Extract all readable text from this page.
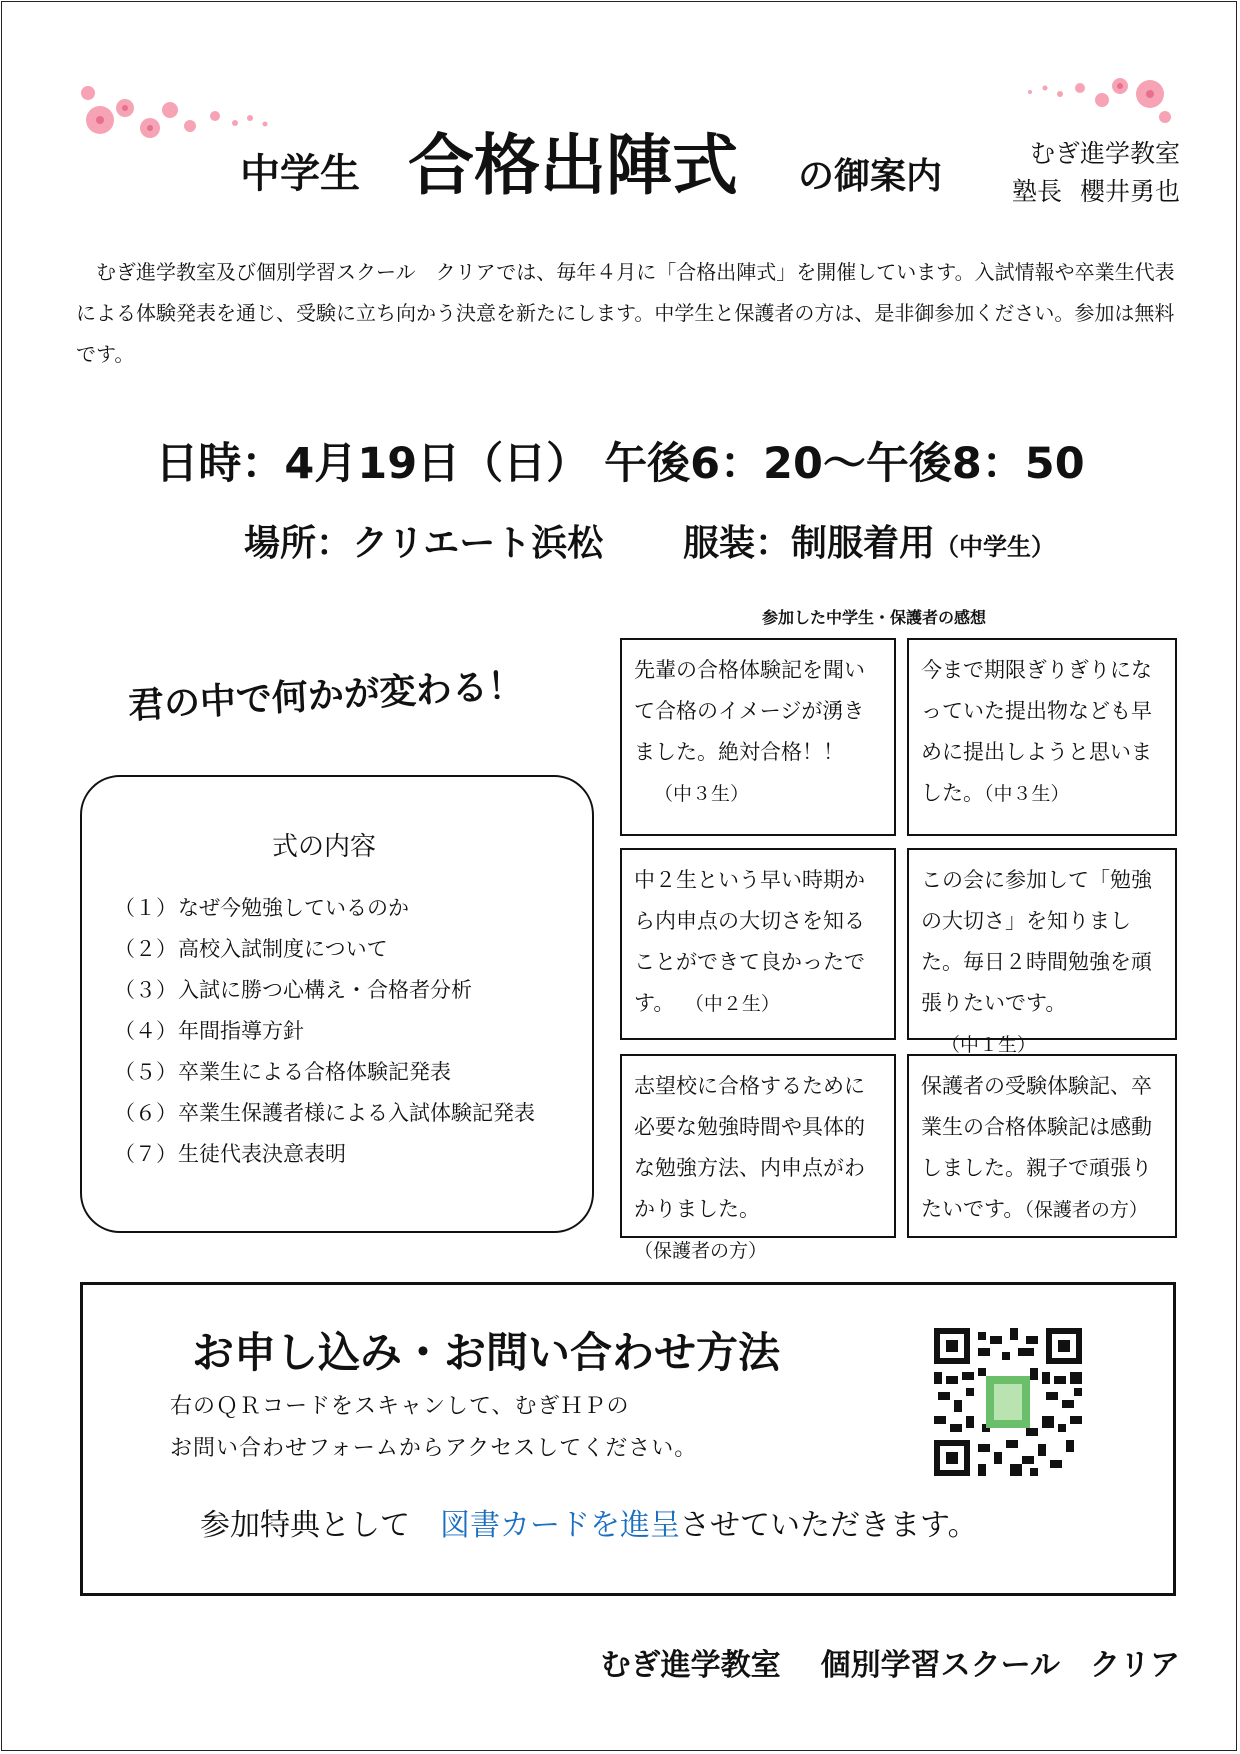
中学生 合格出陣式 の御案内
むぎ進学教室
塾長 櫻井勇也
むぎ進学教室及び個別学習スクール　クリアでは、毎年４月に「合格出陣式」を開催しています。入試情報や卒業生代表による体験発表を通じ、受験に立ち向かう決意を新たにします。中学生と保護者の方は、是非御参加ください。参加は無料です。
日時：4月19日（日） 午後6：20～午後8：50
場所：クリエート浜松 服装：制服着用（中学生）
君の中で何かが変わる！
式の内容
（１）なぜ今勉強しているのか
（２）高校入試制度について
（３）入試に勝つ心構え・合格者分析
（４）年間指導方針
（５）卒業生による合格体験記発表
（６）卒業生保護者様による入試体験記発表
（７）生徒代表決意表明
参加した中学生・保護者の感想
先輩の合格体験記を聞いて合格のイメージが湧きました。絶対合格！！（中３生）
今まで期限ぎりぎりになっていた提出物なども早めに提出しようと思いました。（中３生）
中２生という早い時期から内申点の大切さを知ることができて良かったです。 （中２生）
この会に参加して「勉強の大切さ」を知りました。毎日２時間勉強を頑張りたいです。（中１生）
志望校に合格するために必要な勉強時間や具体的な勉強方法、内申点がわかりました。（保護者の方）
保護者の受験体験記、卒業生の合格体験記は感動しました。親子で頑張りたいです。（保護者の方）
お申し込み・お問い合わせ方法
右のＱＲコードをスキャンして、むぎＨＰの
お問い合わせフォームからアクセスしてください。
参加特典として　図書カードを進呈させていただきます。
むぎ進学教室 個別学習スクール　クリア
